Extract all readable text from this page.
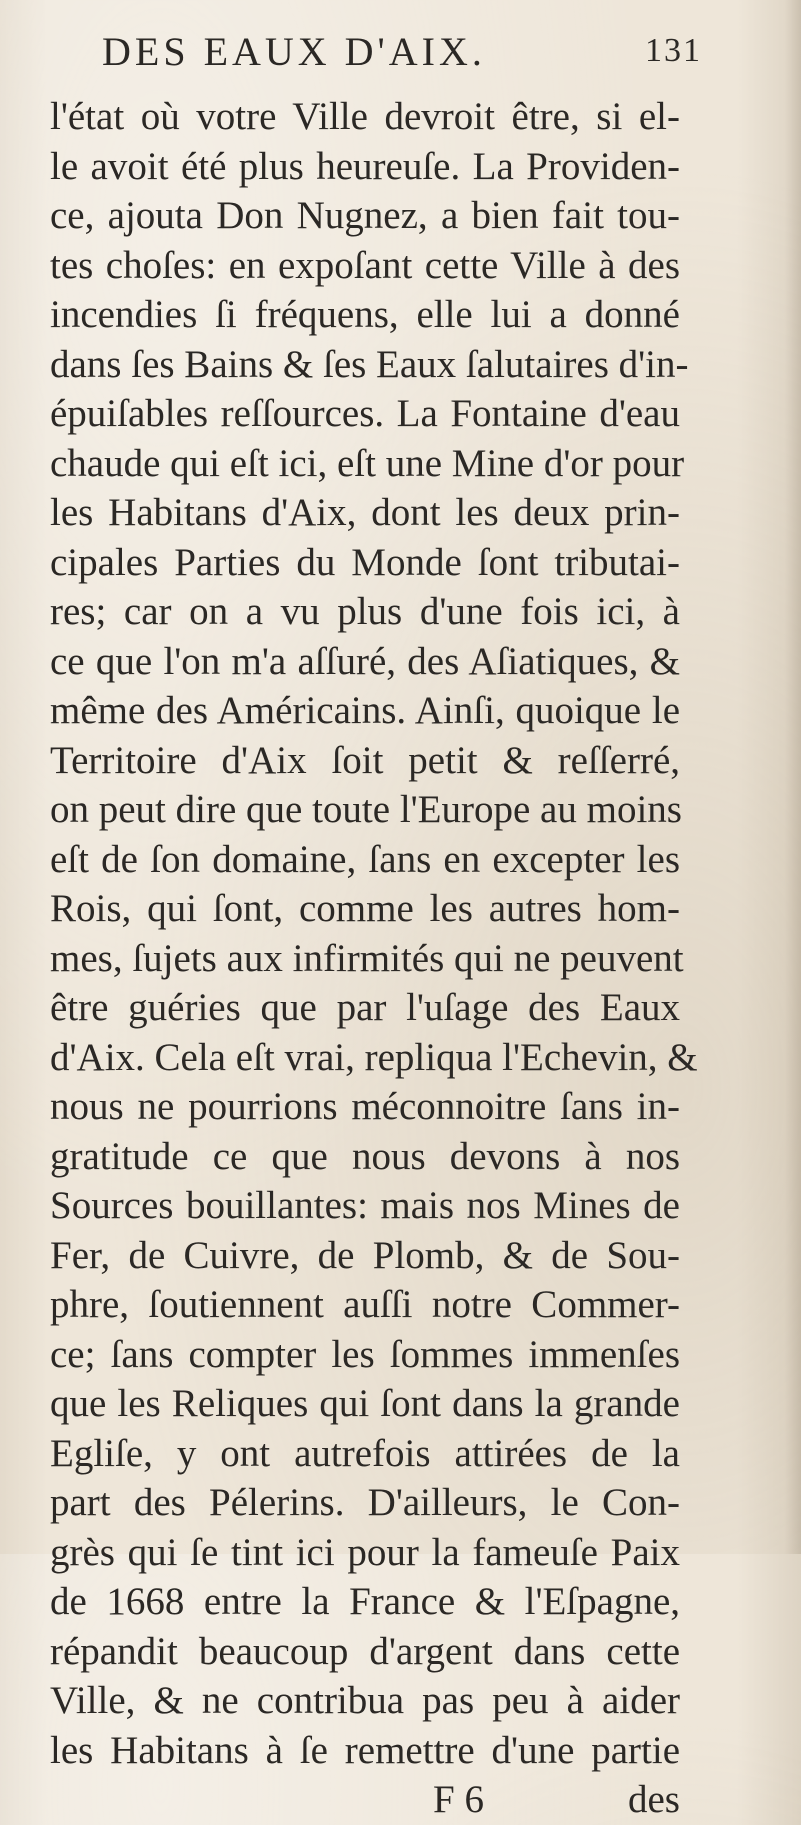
DES EAUX D'AIX.	131
l'état où votre Ville devroit être, si el-
le avoit été plus heureuſe. La Providen-
ce, ajouta Don Nugnez, a bien fait tou-
tes choſes: en expoſant cette Ville à des
incendies ſi fréquens, elle lui a donné
dans ſes Bains & ſes Eaux ſalutaires d'in-
épuiſables reſſources. La Fontaine d'eau
chaude qui eſt ici, eſt une Mine d'or pour
les Habitans d'Aix, dont les deux prin-
cipales Parties du Monde ſont tributai-
res; car on a vu plus d'une fois ici, à
ce que l'on m'a aſſuré, des Aſiatiques, &
même des Américains. Ainſi, quoique le
Territoire d'Aix ſoit petit & reſſerré,
on peut dire que toute l'Europe au moins
eſt de ſon domaine, ſans en excepter les
Rois, qui ſont, comme les autres hom-
mes, ſujets aux infirmités qui ne peuvent
être guéries que par l'uſage des Eaux
d'Aix. Cela eſt vrai, repliqua l'Echevin, &
nous ne pourrions méconnoitre ſans in-
gratitude ce que nous devons à nos
Sources bouillantes: mais nos Mines de
Fer, de Cuivre, de Plomb, & de Sou-
phre, ſoutiennent auſſi notre Commer-
ce; ſans compter les ſommes immenſes
que les Reliques qui ſont dans la grande
Egliſe, y ont autrefois attirées de la
part des Pélerins. D'ailleurs, le Con-
grès qui ſe tint ici pour la fameuſe Paix
de 1668 entre la France & l'Eſpagne,
répandit beaucoup d'argent dans cette
Ville, & ne contribua pas peu à aider
les Habitans à ſe remettre d'une partie
F 6	des
